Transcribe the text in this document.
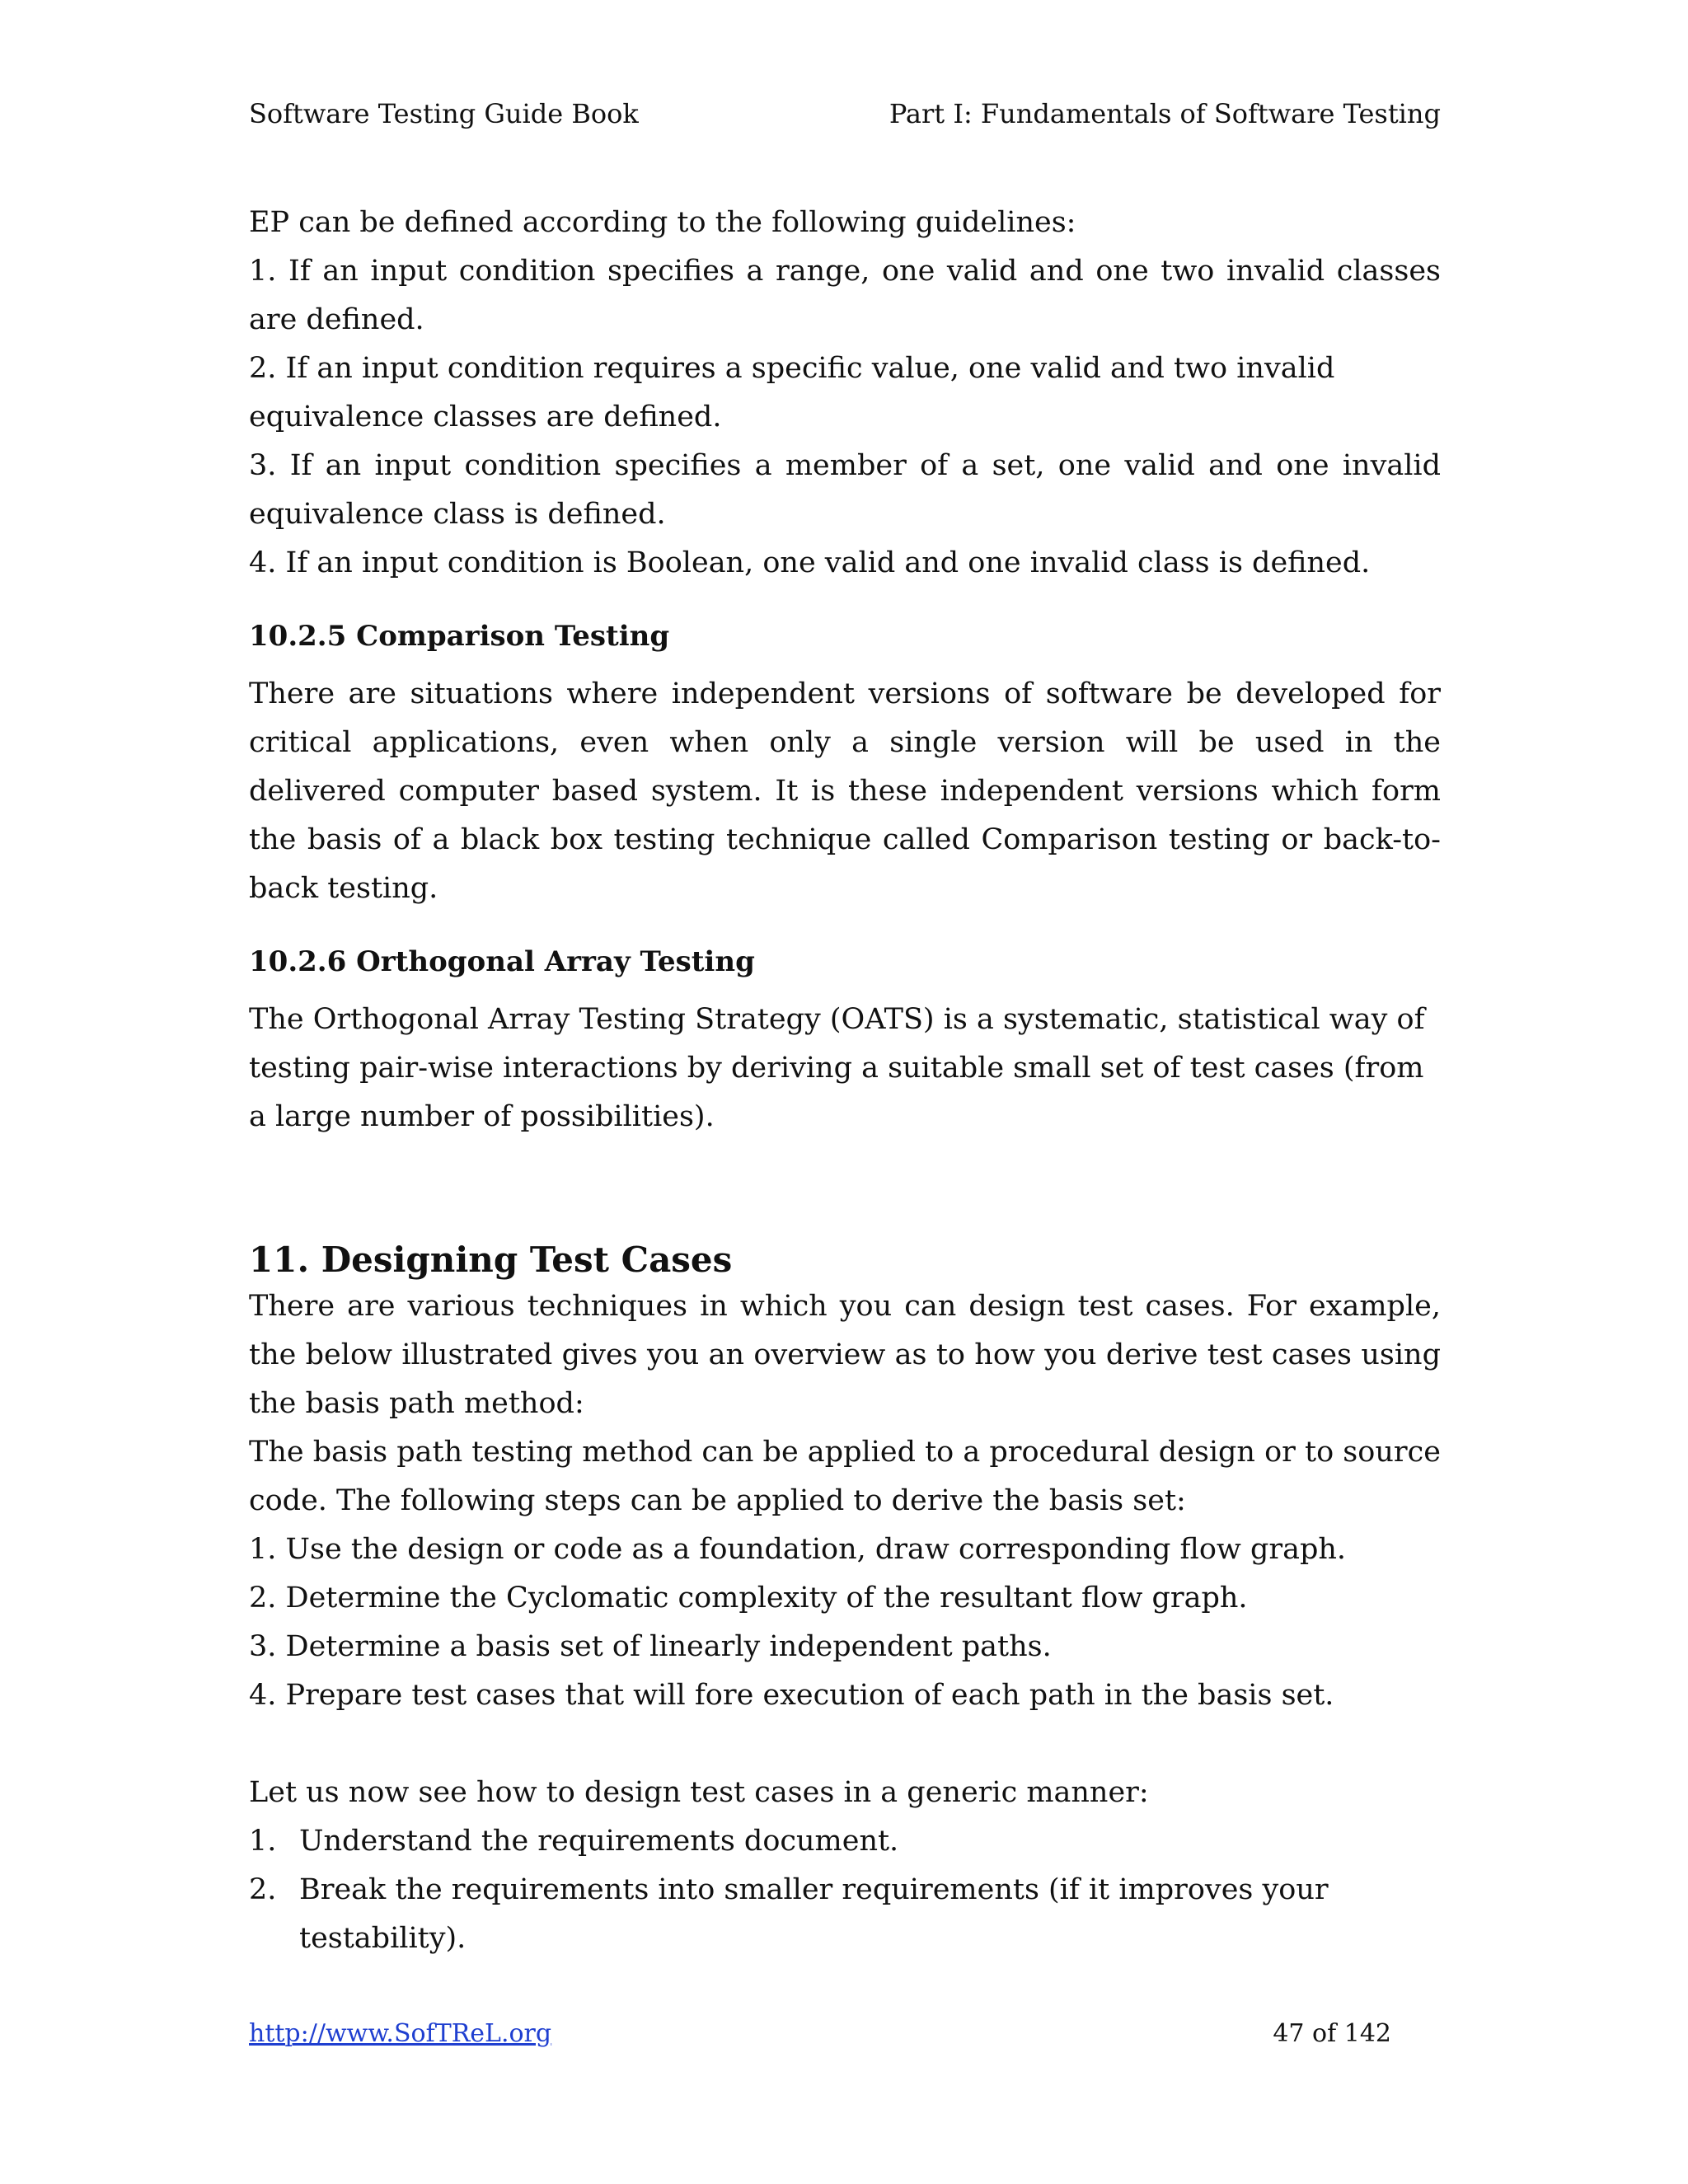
Software Testing Guide Book	Part I: Fundamentals of Software Testing

EP can be defined according to the following guidelines:

1. If an input condition specifies a range, one valid and one two invalid classes are defined.

2. If an input condition requires a specific value, one valid and two invalid equivalence classes are defined.

3. If an input condition specifies a member of a set, one valid and one invalid equivalence class is defined.

4. If an input condition is Boolean, one valid and one invalid class is defined.

10.2.5 Comparison Testing

There are situations where independent versions of software be developed for critical applications, even when only a single version will be used in the delivered computer based system. It is these independent versions which form the basis of a black box testing technique called Comparison testing or back-to-back testing.

10.2.6 Orthogonal Array Testing

The Orthogonal Array Testing Strategy (OATS) is a systematic, statistical way of testing pair-wise interactions by deriving a suitable small set of test cases (from a large number of possibilities).

11. Designing Test Cases

There are various techniques in which you can design test cases. For example, the below illustrated gives you an overview as to how you derive test cases using the basis path method:

The basis path testing method can be applied to a procedural design or to source code. The following steps can be applied to derive the basis set:

1. Use the design or code as a foundation, draw corresponding flow graph.

2. Determine the Cyclomatic complexity of the resultant flow graph.

3. Determine a basis set of linearly independent paths.

4. Prepare test cases that will fore execution of each path in the basis set.

Let us now see how to design test cases in a generic manner:

1. Understand the requirements document.
2. Break the requirements into smaller requirements (if it improves your testability).
http://www.SofTReL.org	47 of 142
